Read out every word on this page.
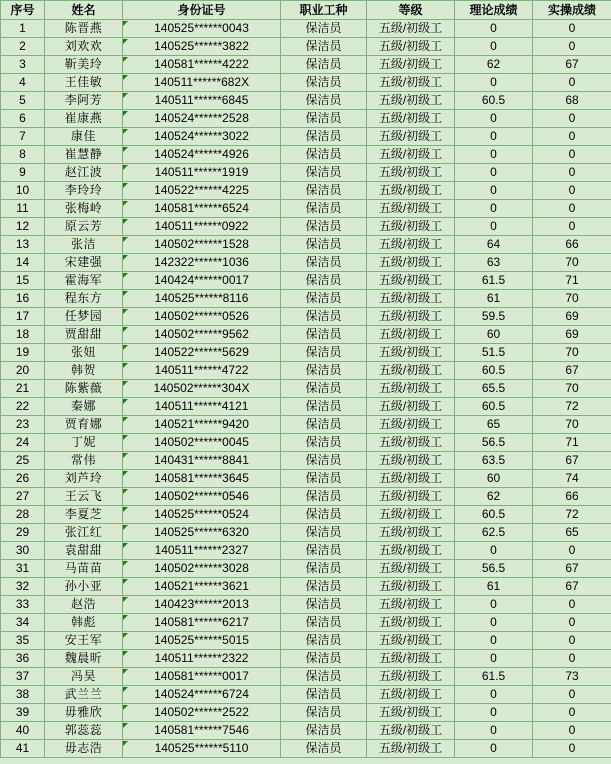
序号	姓名	身份证号	职业工种	等级	理论成绩	实操成绩
1	陈晋燕	140525******0043	保洁员	五级/初级工	0	0
2	刘欢欢	140525******3822	保洁员	五级/初级工	0	0
3	靳美玲	140581******4222	保洁员	五级/初级工	62	67
4	王佳敏	140511******682X	保洁员	五级/初级工	0	0
5	李阿芳	140511******6845	保洁员	五级/初级工	60.5	68
6	崔康燕	140524******2528	保洁员	五级/初级工	0	0
7	康佳	140524******3022	保洁员	五级/初级工	0	0
8	崔慧静	140524******4926	保洁员	五级/初级工	0	0
9	赵江波	140511******1919	保洁员	五级/初级工	0	0
10	李玲玲	140522******4225	保洁员	五级/初级工	0	0
11	张梅岭	140581******6524	保洁员	五级/初级工	0	0
12	原云芳	140511******0922	保洁员	五级/初级工	0	0
13	张洁	140502******1528	保洁员	五级/初级工	64	66
14	宋建强	142322******1036	保洁员	五级/初级工	63	70
15	霍海军	140424******0017	保洁员	五级/初级工	61.5	71
16	程东方	140525******8116	保洁员	五级/初级工	61	70
17	任梦园	140502******0526	保洁员	五级/初级工	59.5	69
18	贾甜甜	140502******9562	保洁员	五级/初级工	60	69
19	张妞	140522******5629	保洁员	五级/初级工	51.5	70
20	韩贺	140511******4722	保洁员	五级/初级工	60.5	67
21	陈紫薇	140502******304X	保洁员	五级/初级工	65.5	70
22	秦娜	140511******4121	保洁员	五级/初级工	60.5	72
23	贾育娜	140521******9420	保洁员	五级/初级工	65	70
24	丁妮	140502******0045	保洁员	五级/初级工	56.5	71
25	常伟	140431******8841	保洁员	五级/初级工	63.5	67
26	刘芦玲	140581******3645	保洁员	五级/初级工	60	74
27	王云飞	140502******0546	保洁员	五级/初级工	62	66
28	李夏芝	140525******0524	保洁员	五级/初级工	60.5	72
29	张江红	140525******6320	保洁员	五级/初级工	62.5	65
30	袁甜甜	140511******2327	保洁员	五级/初级工	0	0
31	马苗苗	140502******3028	保洁员	五级/初级工	56.5	67
32	孙小亚	140521******3621	保洁员	五级/初级工	61	67
33	赵浩	140423******2013	保洁员	五级/初级工	0	0
34	韩彪	140581******6217	保洁员	五级/初级工	0	0
35	安王军	140525******5015	保洁员	五级/初级工	0	0
36	魏晨昕	140511******2322	保洁员	五级/初级工	0	0
37	冯昊	140581******0017	保洁员	五级/初级工	61.5	73
38	武兰兰	140524******6724	保洁员	五级/初级工	0	0
39	毋雅欣	140502******2522	保洁员	五级/初级工	0	0
40	郭蕊蕊	140581******7546	保洁员	五级/初级工	0	0
41	毋志浩	140525******5110	保洁员	五级/初级工	0	0
